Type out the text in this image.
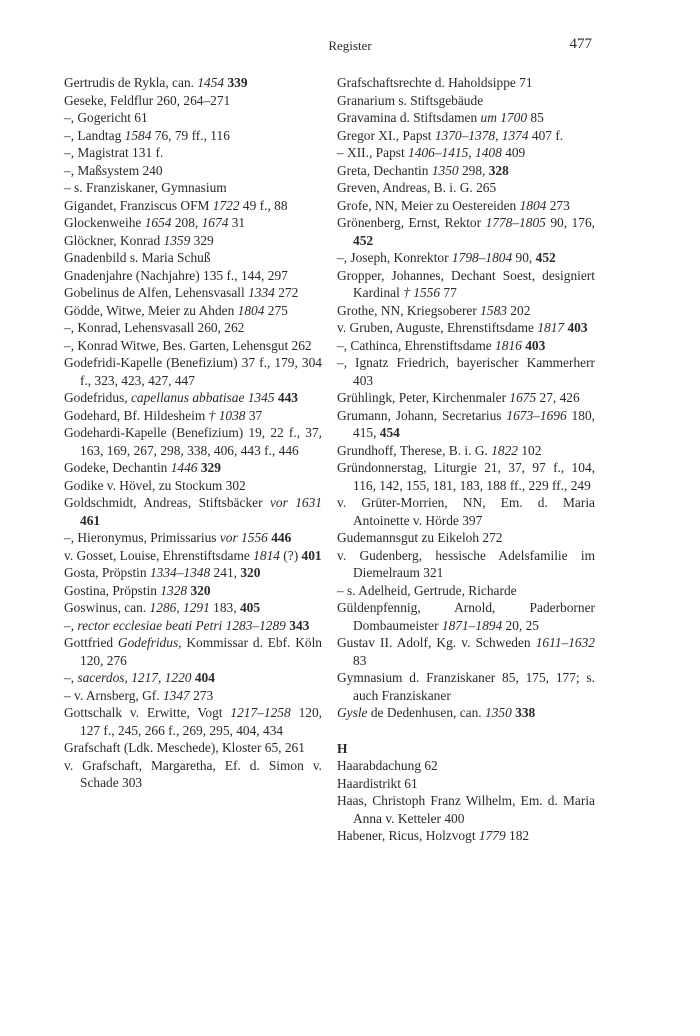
Register	477
Gertrudis de Rykla, can. 1454 339
Geseke, Feldflur 260, 264–271
–, Gogericht 61
–, Landtag 1584 76, 79 ff., 116
–, Magistrat 131 f.
–, Maßsystem 240
– s. Franziskaner, Gymnasium
Gigandet, Franziscus OFM 1722 49 f., 88
Glockenweihe 1654 208, 1674 31
Glöckner, Konrad 1359 329
Gnadenbild s. Maria Schuß
Gnadenjahre (Nachjahre) 135 f., 144, 297
Gobelinus de Alfen, Lehensvasall 1334 272
Gödde, Witwe, Meier zu Ahden 1804 275
–, Konrad, Lehensvasall 260, 262
–, Konrad Witwe, Bes. Garten, Lehensgut 262
Godefridi-Kapelle (Benefizium) 37 f., 179, 304 f., 323, 423, 427, 447
Godefridus, capellanus abbatisae 1345 443
Godehard, Bf. Hildesheim † 1038 37
Godehardi-Kapelle (Benefizium) 19, 22 f., 37, 163, 169, 267, 298, 338, 406, 443 f., 446
Godeke, Dechantin 1446 329
Godike v. Hövel, zu Stockum 302
Goldschmidt, Andreas, Stiftsbäcker vor 1631 461
–, Hieronymus, Primissarius vor 1556 446
v. Gosset, Louise, Ehrenstiftsdame 1814 (?) 401
Gosta, Pröpstin 1334–1348 241, 320
Gostina, Pröpstin 1328 320
Goswinus, can. 1286, 1291 183, 405
–, rector ecclesiae beati Petri 1283–1289 343
Gottfried Godefridus, Kommissar d. Ebf. Köln 120, 276
–, sacerdos, 1217, 1220 404
– v. Arnsberg, Gf. 1347 273
Gottschalk v. Erwitte, Vogt 1217–1258 120, 127 f., 245, 266 f., 269, 295, 404, 434
Grafschaft (Ldk. Meschede), Kloster 65, 261
v. Grafschaft, Margaretha, Ef. d. Simon v. Schade 303
Grafschaftsrechte d. Haholdsippe 71
Granarium s. Stiftsgebäude
Gravamina d. Stiftsdamen um 1700 85
Gregor XI., Papst 1370–1378, 1374 407 f.
– XII., Papst 1406–1415, 1408 409
Greta, Dechantin 1350 298, 328
Greven, Andreas, B. i. G. 265
Grofe, NN, Meier zu Oestereiden 1804 273
Grönenberg, Ernst, Rektor 1778–1805 90, 176, 452
–, Joseph, Konrektor 1798–1804 90, 452
Gropper, Johannes, Dechant Soest, designiert Kardinal † 1556 77
Grothe, NN, Kriegsoberer 1583 202
v. Gruben, Auguste, Ehrenstiftsdame 1817 403
–, Cathinca, Ehrenstiftsdame 1816 403
–, Ignatz Friedrich, bayerischer Kammerherr 403
Grühlingk, Peter, Kirchenmaler 1675 27, 426
Grumann, Johann, Secretarius 1673–1696 180, 415, 454
Grundhoff, Therese, B. i. G. 1822 102
Gründonnerstag, Liturgie 21, 37, 97 f., 104, 116, 142, 155, 181, 183, 188 ff., 229 ff., 249
v. Grüter-Morrien, NN, Em. d. Maria Antoinette v. Hörde 397
Gudemannsgut zu Eikeloh 272
v. Gudenberg, hessische Adelsfamilie im Diemelraum 321
– s. Adelheid, Gertrude, Richarde
Güldenpfennig, Arnold, Paderborner Dombaumeister 1871–1894 20, 25
Gustav II. Adolf, Kg. v. Schweden 1611–1632 83
Gymnasium d. Franziskaner 85, 175, 177; s. auch Franziskaner
Gysle de Dedenhusen, can. 1350 338
H
Haarabdachung 62
Haardistrikt 61
Haas, Christoph Franz Wilhelm, Em. d. Maria Anna v. Ketteler 400
Habener, Ricus, Holzvogt 1779 182
